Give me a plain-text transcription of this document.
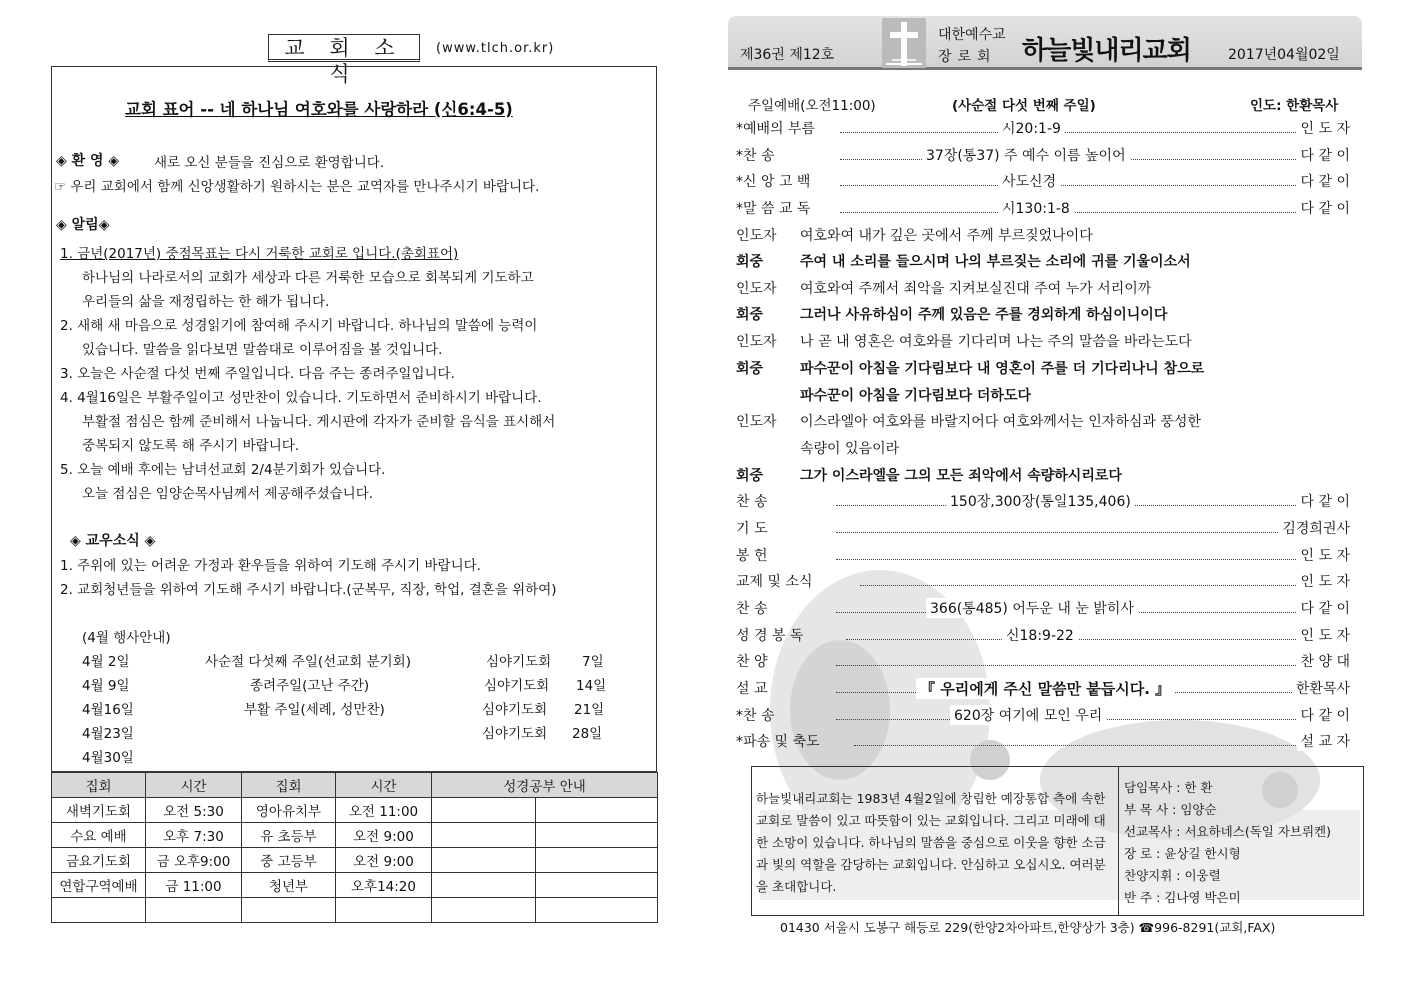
교 회 소 식
(www.tlch.or.kr)
교회 표어 -- 네 하나님 여호와를 사랑하라 (신6:4-5)
◈ 환 영 ◈	새로 오신 분들을 진심으로 환영합니다.
☞ 우리 교회에서 함께 신앙생활하기 원하시는 분은 교역자를 만나주시기 바랍니다.
◈ 알림◈
1. 금년(2017년) 중점목표는 다시 거룩한 교회로 입니다.(총회표어)
하나님의 나라로서의 교회가 세상과 다른 거룩한 모습으로 회복되게 기도하고
우리들의 삶을 재정립하는 한 해가 됩니다.
2. 새해 새 마음으로 성경읽기에 참여해 주시기 바랍니다. 하나님의 말씀에 능력이
있습니다. 말씀을 읽다보면 말씀대로 이루어짐을 볼 것입니다.
3. 오늘은 사순절 다섯 번째 주일입니다. 다음 주는 종려주일입니다.
4. 4월16일은 부활주일이고 성만찬이 있습니다. 기도하면서 준비하시기 바랍니다.
부활절 점심은 함께 준비해서 나눕니다. 게시판에 각자가 준비할 음식을 표시해서
중복되지 않도록 해 주시기 바랍니다.
5. 오늘 예배 후에는 남녀선교회 2/4분기회가 있습니다.
오늘 점심은 임양순목사님께서 제공해주셨습니다.
◈ 교우소식 ◈
1. 주위에 있는 어려운 가정과 환우들을 위하여 기도해 주시기 바랍니다.
2. 교회청년들을 위하여 기도해 주시기 바랍니다.(군복무, 직장, 학업, 결혼을 위하여)
(4월 행사안내)
4월 2일	사순절 다섯째 주일(선교회 분기회)	심야기도회 7일
4월 9일	종려주일(고난 주간)	심야기도회 14일
4월16일	부활 주일(세례, 성만찬)	심야기도회 21일
4월23일	심야기도회 28일
4월30일
집회	시간	집회	시간	성경공부 안내	
새벽기도회	오전 5:30	영아유치부	오전 11:00		
수요 예배	오후 7:30	유 초등부	오전 9:00		
금요기도회	금 오후9:00	중 고등부	오전 9:00		
연합구역예배	금 11:00	청년부	오후14:20		

제36권 제12호
대한예수교
장로회 하늘빛내리교회	2017년04월02일
주일예배(오전11:00)	(사순절 다섯 번째 주일)	인도: 한환목사
*예배의 부름	시20:1-9	인 도 자
*찬 송	37장(통37) 주 예수 이름 높이어	다 같 이
*신 앙 고 백	사도신경	다 같 이
*말 씀 교 독	시130:1-8	다 같 이
인도자 여호와여 내가 깊은 곳에서 주께 부르짖었나이다
회중	주여 내 소리를 들으시며 나의 부르짖는 소리에 귀를 기울이소서
인도자 여호와여 주께서 죄악을 지켜보실진대 주여 누가 서리이까
회중	그러나 사유하심이 주께 있음은 주를 경외하게 하심이니이다
인도자 나 곧 내 영혼은 여호와를 기다리며 나는 주의 말씀을 바라는도다
회중	파수꾼이 아침을 기다림보다 내 영혼이 주를 더 기다리나니 참으로
파수꾼이 아침을 기다림보다 더하도다
인도자 이스라엘아 여호와를 바랄지어다 여호와께서는 인자하심과 풍성한
속량이 있음이라
회중	그가 이스라엘을 그의 모든 죄악에서 속량하시리로다
찬 송	150장,300장(통일135,406)	다 같 이
기 도	김경희권사
봉 헌	인 도 자
교제 및 소식	인 도 자
찬 송	366(통485) 어두운 내 눈 밝히사	다 같 이
성 경 봉 독	신18:9-22	인 도 자
찬 양	찬 양 대
설 교	『 우리에게 주신 말씀만 붙듭시다. 』	한환목사
*찬 송	620장 여기에 모인 우리	다 같 이
*파송 및 축도	설 교 자
하늘빛내리교회는 1983년 4월2일에 창립한 예장통합 측에 속한 교회로 말씀이 있고 따뜻함이 있는 교회입니다. 그리고 미래에 대한 소망이 있습니다. 하나님의 말씀을 중심으로 이웃을 향한 소금과 빛의 역할을 감당하는 교회입니다. 안심하고 오십시오. 여러분을 초대합니다.
담임목사 : 한 환
부 목 사 : 임양순
선교목사 : 서요하네스(독일 자브뤼켄)
장 로 : 윤상길 한시형
찬양지휘 : 이웅렬
반 주 : 김나영 박은미
01430 서울시 도봉구 해등로 229(한양2차아파트,한양상가 3층) ☎996-8291(교회,FAX)
